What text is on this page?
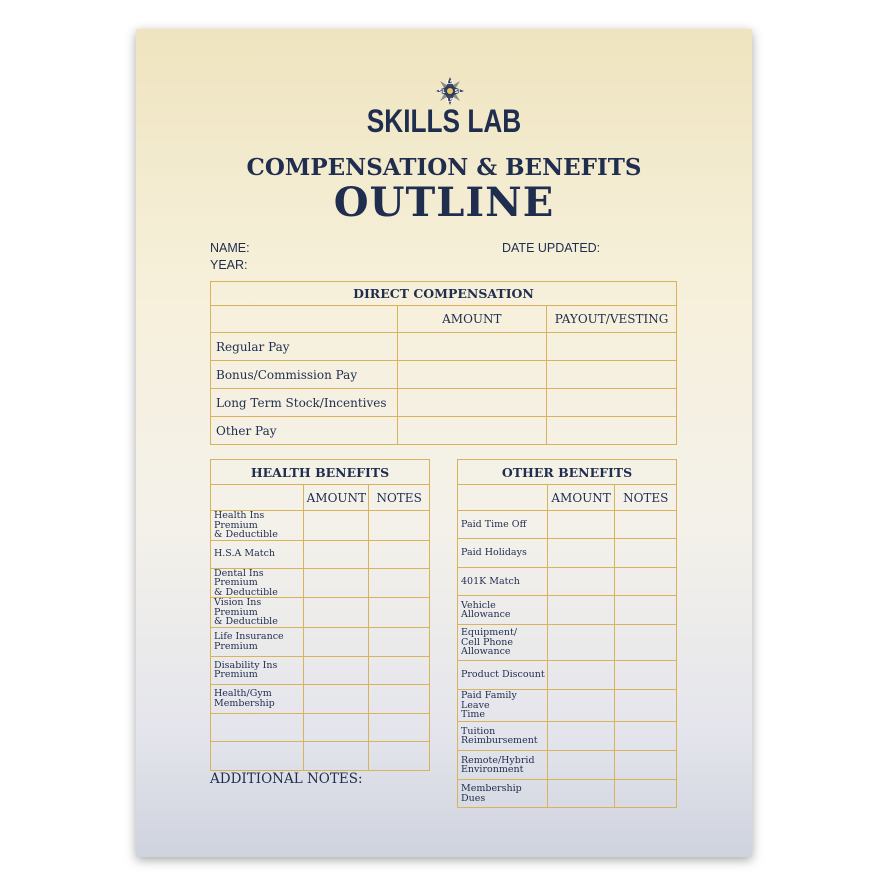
LS
SL
LS
SL
SKILLS LAB
COMPENSATION & BENEFITS
OUTLINE
NAME:
YEAR:
DATE UPDATED:
DIRECT COMPENSATION		
	AMOUNT	PAYOUT/VESTING
Regular Pay		
Bonus/Commission Pay		
Long Term Stock/Incentives		
Other Pay		
HEALTH BENEFITS		
	AMOUNT	NOTES

Health Ins Premium
& Deductible		

H.S.A Match		

Dental Ins Premium
& Deductible		

Vision Ins Premium
& Deductible		

Life Insurance
Premium		

Disability Ins
Premium		

Health/Gym
Membership		

ADDITIONAL NOTES:
OTHER BENEFITS		
	AMOUNT	NOTES

Paid Time Off		

Paid Holidays		

401K Match		

Vehicle Allowance		

Equipment/
Cell Phone
Allowance		

Product Discount		

Paid Family Leave
Time		

Tuition
Reimbursement		

Remote/Hybrid
Environment		

Membership Dues		
